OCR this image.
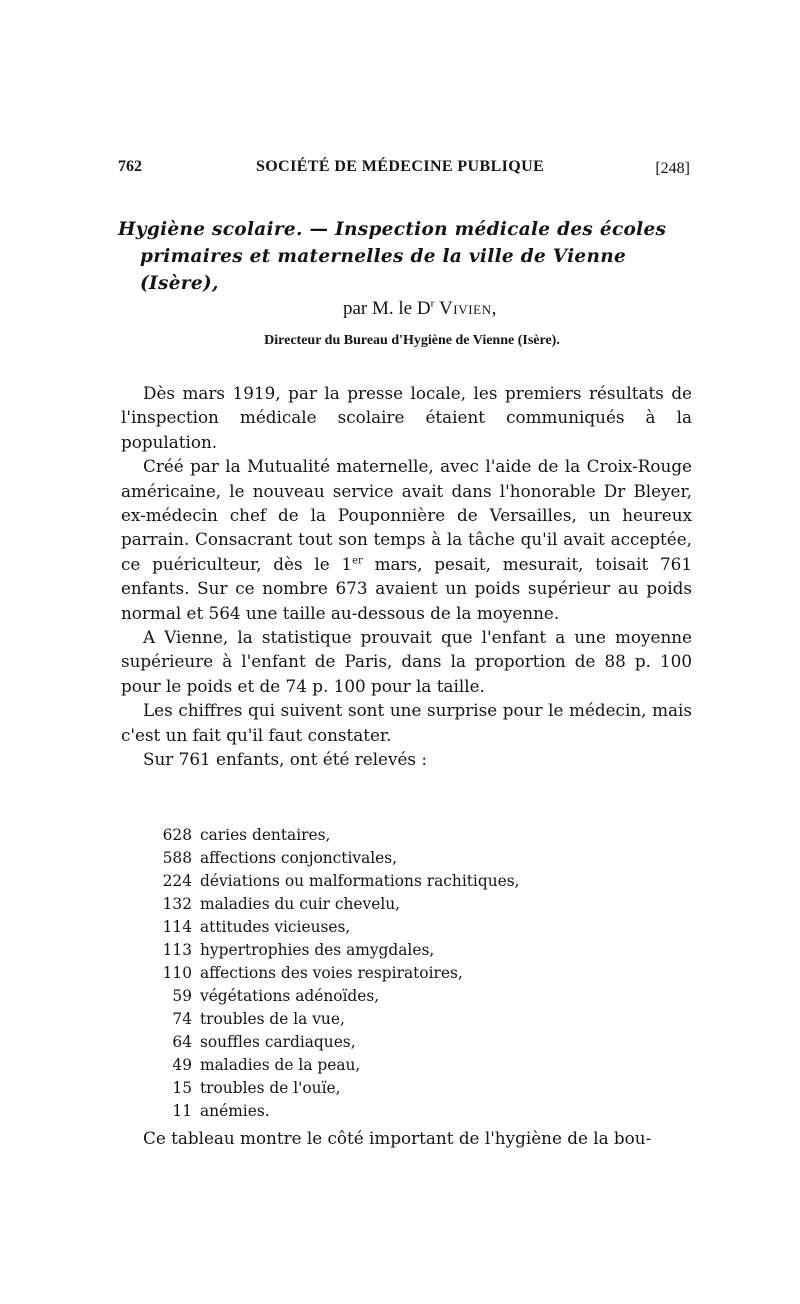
762	SOCIÉTÉ DE MÉDECINE PUBLIQUE	[248]
Hygiène scolaire. — Inspection médicale des écoles
primaires et maternelles de la ville de Vienne
(Isère),
par M. le $D^r$ Vivien,
Directeur du Bureau d'Hygiène de Vienne (Isère).

Dès mars 1919, par la presse locale, les premiers résultats de l'inspection médicale scolaire étaient communiqués à la population.

Créé par la Mutualité maternelle, avec l'aide de la Croix-Rouge américaine, le nouveau service avait dans l'honorable Dr Bleyer, ex-médecin chef de la Pouponnière de Versailles, un heureux parrain. Consacrant tout son temps à la tâche qu'il avait acceptée, ce puériculteur, dès le 1er mars, pesait, mesurait, toisait 761 enfants. Sur ce nombre 673 avaient un poids supérieur au poids normal et 564 une taille au-dessous de la moyenne.

A Vienne, la statistique prouvait que l'enfant a une moyenne supérieure à l'enfant de Paris, dans la proportion de 88 p. 100 pour le poids et de 74 p. 100 pour la taille.

Les chiffres qui suivent sont une surprise pour le médecin, mais c'est un fait qu'il faut constater.

Sur 761 enfants, ont été relevés :

628 caries dentaires,
588 affections conjonctivales,
224 déviations ou malformations rachitiques,
132 maladies du cuir chevelu,
114 attitudes vicieuses,
113 hypertrophies des amygdales,
110 affections des voies respiratoires,
59 végétations adénoïdes,
74 troubles de la vue,
64 souffles cardiaques,
49 maladies de la peau,
15 troubles de l'ouïe,
11 anémies.
Ce tableau montre le côté important de l'hygiène de la bou-
